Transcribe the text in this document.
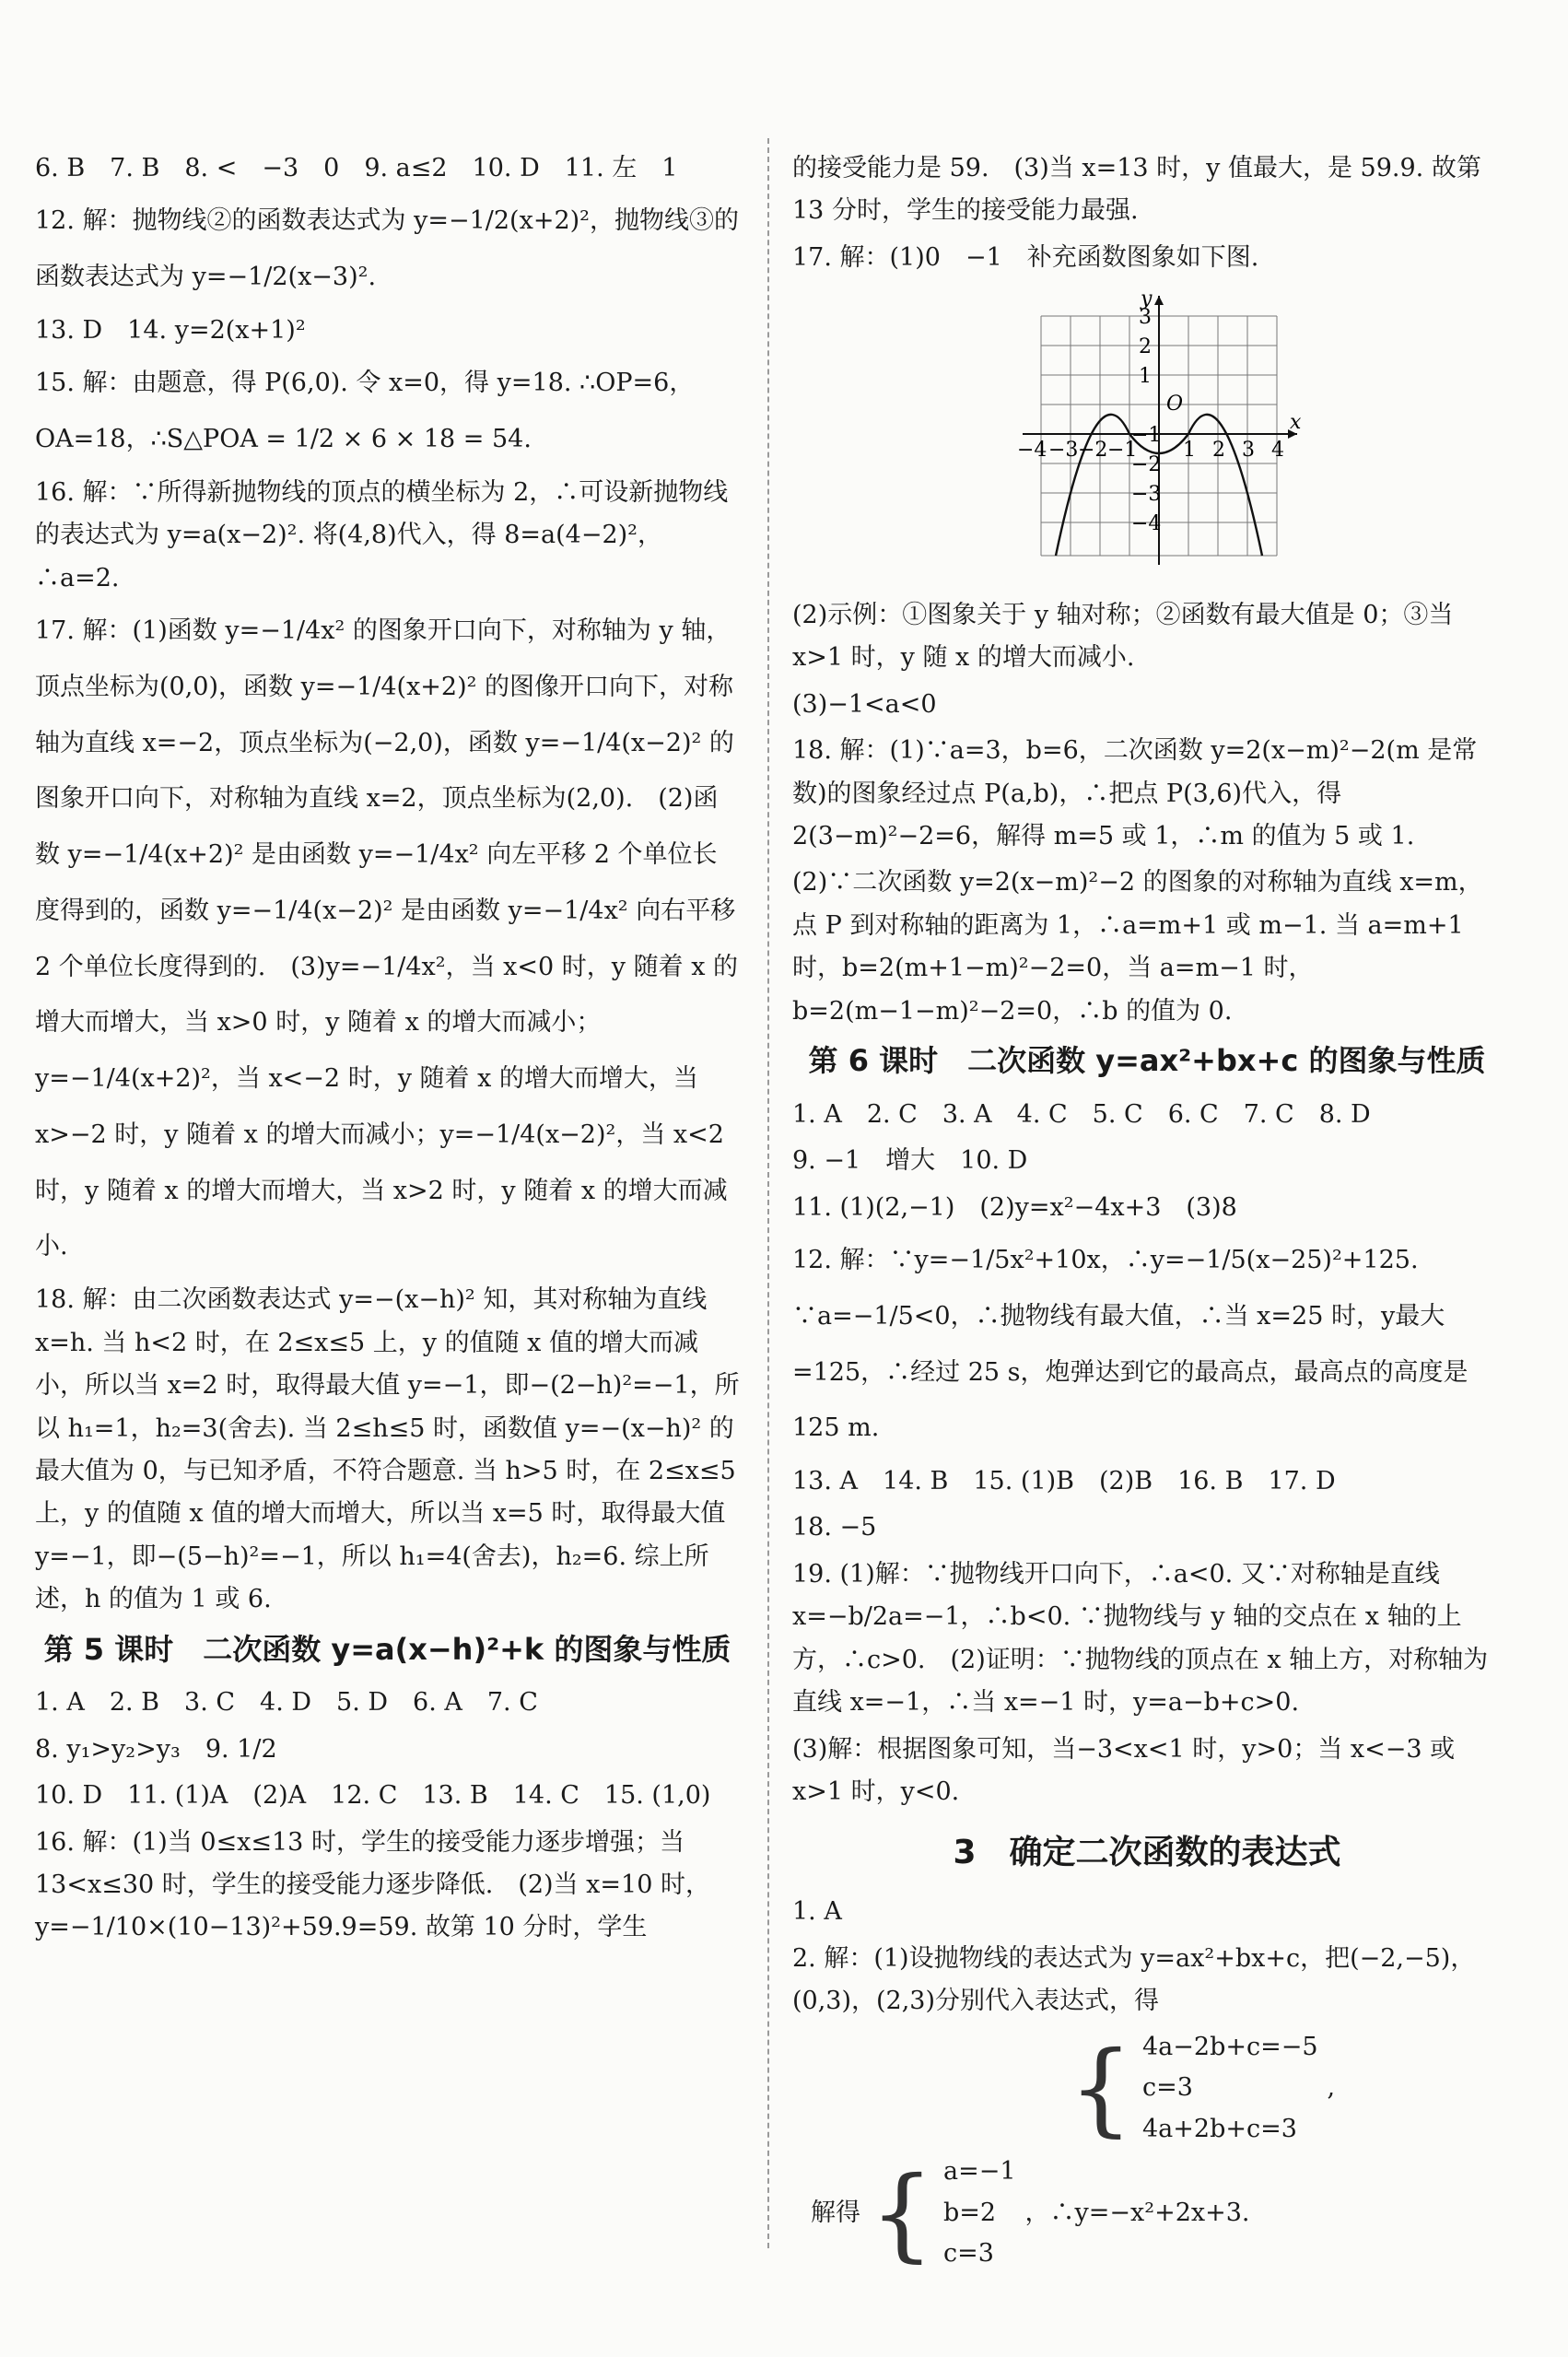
6. B　7. B　8. <　−3　0　9. a≤2　10. D　11. 左　1

12. 解：抛物线②的函数表达式为 y=−1/2(x+2)²，抛物线③的函数表达式为 y=−1/2(x−3)².

13. D　14. y=2(x+1)²

15. 解：由题意，得 P(6,0). 令 x=0，得 y=18. ∴OP=6，OA=18，∴S△POA = 1/2 × 6 × 18 = 54.

16. 解：∵所得新抛物线的顶点的横坐标为 2，∴可设新抛物线的表达式为 y=a(x−2)². 将(4,8)代入，得 8=a(4−2)²，∴a=2.

17. 解：(1)函数 y=−1/4x² 的图象开口向下，对称轴为 y 轴，顶点坐标为(0,0)，函数 y=−1/4(x+2)² 的图像开口向下，对称轴为直线 x=−2，顶点坐标为(−2,0)，函数 y=−1/4(x−2)² 的图象开口向下，对称轴为直线 x=2，顶点坐标为(2,0).　(2)函数 y=−1/4(x+2)² 是由函数 y=−1/4x² 向左平移 2 个单位长度得到的，函数 y=−1/4(x−2)² 是由函数 y=−1/4x² 向右平移 2 个单位长度得到的.　(3)y=−1/4x²，当 x<0 时，y 随着 x 的增大而增大，当 x>0 时，y 随着 x 的增大而减小；y=−1/4(x+2)²，当 x<−2 时，y 随着 x 的增大而增大，当 x>−2 时，y 随着 x 的增大而减小；y=−1/4(x−2)²，当 x<2 时，y 随着 x 的增大而增大，当 x>2 时，y 随着 x 的增大而减小.

18. 解：由二次函数表达式 y=−(x−h)² 知，其对称轴为直线 x=h. 当 h<2 时，在 2≤x≤5 上，y 的值随 x 值的增大而减小，所以当 x=2 时，取得最大值 y=−1，即−(2−h)²=−1，所以 h₁=1，h₂=3(舍去). 当 2≤h≤5 时，函数值 y=−(x−h)² 的最大值为 0，与已知矛盾，不符合题意. 当 h>5 时，在 2≤x≤5 上，y 的值随 x 值的增大而增大，所以当 x=5 时，取得最大值 y=−1，即−(5−h)²=−1，所以 h₁=4(舍去)，h₂=6. 综上所述，h 的值为 1 或 6.

第 5 课时　二次函数 y=a(x−h)²+k 的图象与性质

1. A　2. B　3. C　4. D　5. D　6. A　7. C

8. y₁>y₂>y₃　9. 1/2

10. D　11. (1)A　(2)A　12. C　13. B　14. C　15. (1,0)

16. 解：(1)当 0≤x≤13 时，学生的接受能力逐步增强；当 13<x≤30 时，学生的接受能力逐步降低.　(2)当 x=10 时，y=−1/10×(10−13)²+59.9=59. 故第 10 分时，学生

的接受能力是 59.　(3)当 x=13 时，y 值最大，是 59.9. 故第 13 分时，学生的接受能力最强.

17. 解：(1)0　−1　补充函数图象如下图.

−4 −3 −2 −1 1 2 3 4
3
2
1
−1
−2
−3
−4
x
y
O

(2)示例：①图象关于 y 轴对称；②函数有最大值是 0；③当 x>1 时，y 随 x 的增大而减小.

(3)−1<a<0

18. 解：(1)∵a=3，b=6，二次函数 y=2(x−m)²−2(m 是常数)的图象经过点 P(a,b)，∴把点 P(3,6)代入，得 2(3−m)²−2=6，解得 m=5 或 1，∴m 的值为 5 或 1.

(2)∵二次函数 y=2(x−m)²−2 的图象的对称轴为直线 x=m，点 P 到对称轴的距离为 1，∴a=m+1 或 m−1. 当 a=m+1 时，b=2(m+1−m)²−2=0，当 a=m−1 时，b=2(m−1−m)²−2=0，∴b 的值为 0.

第 6 课时　二次函数 y=ax²+bx+c 的图象与性质

1. A　2. C　3. A　4. C　5. C　6. C　7. C　8. D

9. −1　增大　10. D

11. (1)(2,−1)　(2)y=x²−4x+3　(3)8

12. 解：∵y=−1/5x²+10x，∴y=−1/5(x−25)²+125. ∵a=−1/5<0，∴抛物线有最大值，∴当 x=25 时，y最大=125，∴经过 25 s，炮弹达到它的最高点，最高点的高度是 125 m.

13. A　14. B　15. (1)B　(2)B　16. B　17. D

18. −5

19. (1)解：∵抛物线开口向下，∴a<0. 又∵对称轴是直线 x=−b/2a=−1，∴b<0. ∵抛物线与 y 轴的交点在 x 轴的上方，∴c>0.　(2)证明：∵抛物线的顶点在 x 轴上方，对称轴为直线 x=−1，∴当 x=−1 时，y=a−b+c>0.

(3)解：根据图象可知，当−3<x<1 时，y>0；当 x<−3 或 x>1 时，y<0.

3　确定二次函数的表达式

1. A

2. 解：(1)设抛物线的表达式为 y=ax²+bx+c，把(−2,−5)，(0,3)，(2,3)分别代入表达式，得

{ 4a−2b+c=−5
c=3
4a+2b+c=3
,
解得 { a=−1
b=2
c=3
，∴y=−x²+2x+3.
